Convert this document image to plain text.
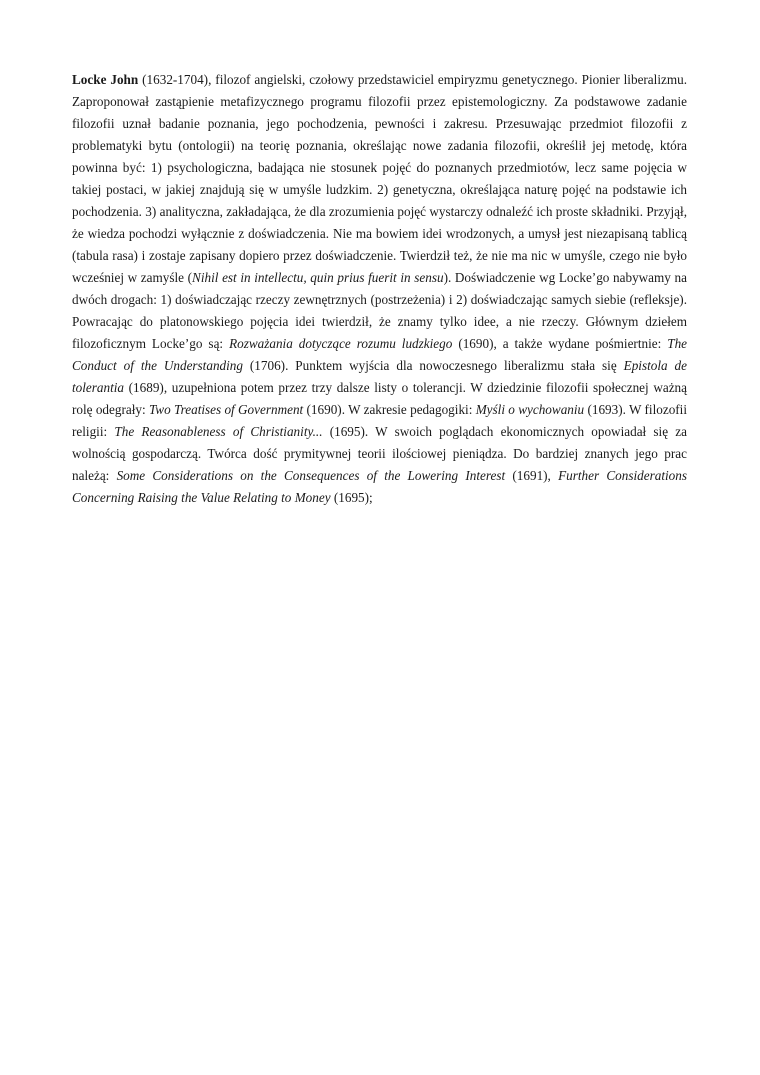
Locke John (1632-1704), filozof angielski, czołowy przedstawiciel empiryzmu genetycznego. Pionier liberalizmu. Zaproponował zastąpienie metafizycznego programu filozofii przez epistemologiczny. Za podstawowe zadanie filozofii uznał badanie poznania, jego pochodzenia, pewności i zakresu. Przesuwając przedmiot filozofii z problematyki bytu (ontologii) na teorię poznania, określając nowe zadania filozofii, określił jej metodę, która powinna być: 1) psychologiczna, badająca nie stosunek pojęć do poznanych przedmiotów, lecz same pojęcia w takiej postaci, w jakiej znajdują się w umyśle ludzkim. 2) genetyczna, określająca naturę pojęć na podstawie ich pochodzenia. 3) analityczna, zakładająca, że dla zrozumienia pojęć wystarczy odnaleźć ich proste składniki. Przyjął, że wiedza pochodzi wyłącznie z doświadczenia. Nie ma bowiem idei wrodzonych, a umysł jest niezapisaną tablicą (tabula rasa) i zostaje zapisany dopiero przez doświadczenie. Twierdził też, że nie ma nic w umyśle, czego nie było wcześniej w zamyśle (Nihil est in intellectu, quin prius fuerit in sensu). Doświadczenie wg Locke’go nabywamy na dwóch drogach: 1) doświadczając rzeczy zewnętrznych (postrzeżenia) i 2) doświadczając samych siebie (refleksje). Powracając do platonowskiego pojęcia idei twierdził, że znamy tylko idee, a nie rzeczy. Głównym dziełem filozoficznym Locke’go są: Rozważania dotyczące rozumu ludzkiego (1690), a także wydane pośmiertnie: The Conduct of the Understanding (1706). Punktem wyjścia dla nowoczesnego liberalizmu stała się Epistola de tolerantia (1689), uzupełniona potem przez trzy dalsze listy o tolerancji. W dziedzinie filozofii społecznej ważną rolę odegrały: Two Treatises of Government (1690). W zakresie pedagogiki: Myśli o wychowaniu (1693). W filozofii religii: The Reasonableness of Christianity... (1695). W swoich poglądach ekonomicznych opowiadał się za wolnością gospodarczą. Twórca dość prymitywnej teorii ilościowej pieniądza. Do bardziej znanych jego prac należą: Some Considerations on the Consequences of the Lowering Interest (1691), Further Considerations Concerning Raising the Value Relating to Money (1695);
